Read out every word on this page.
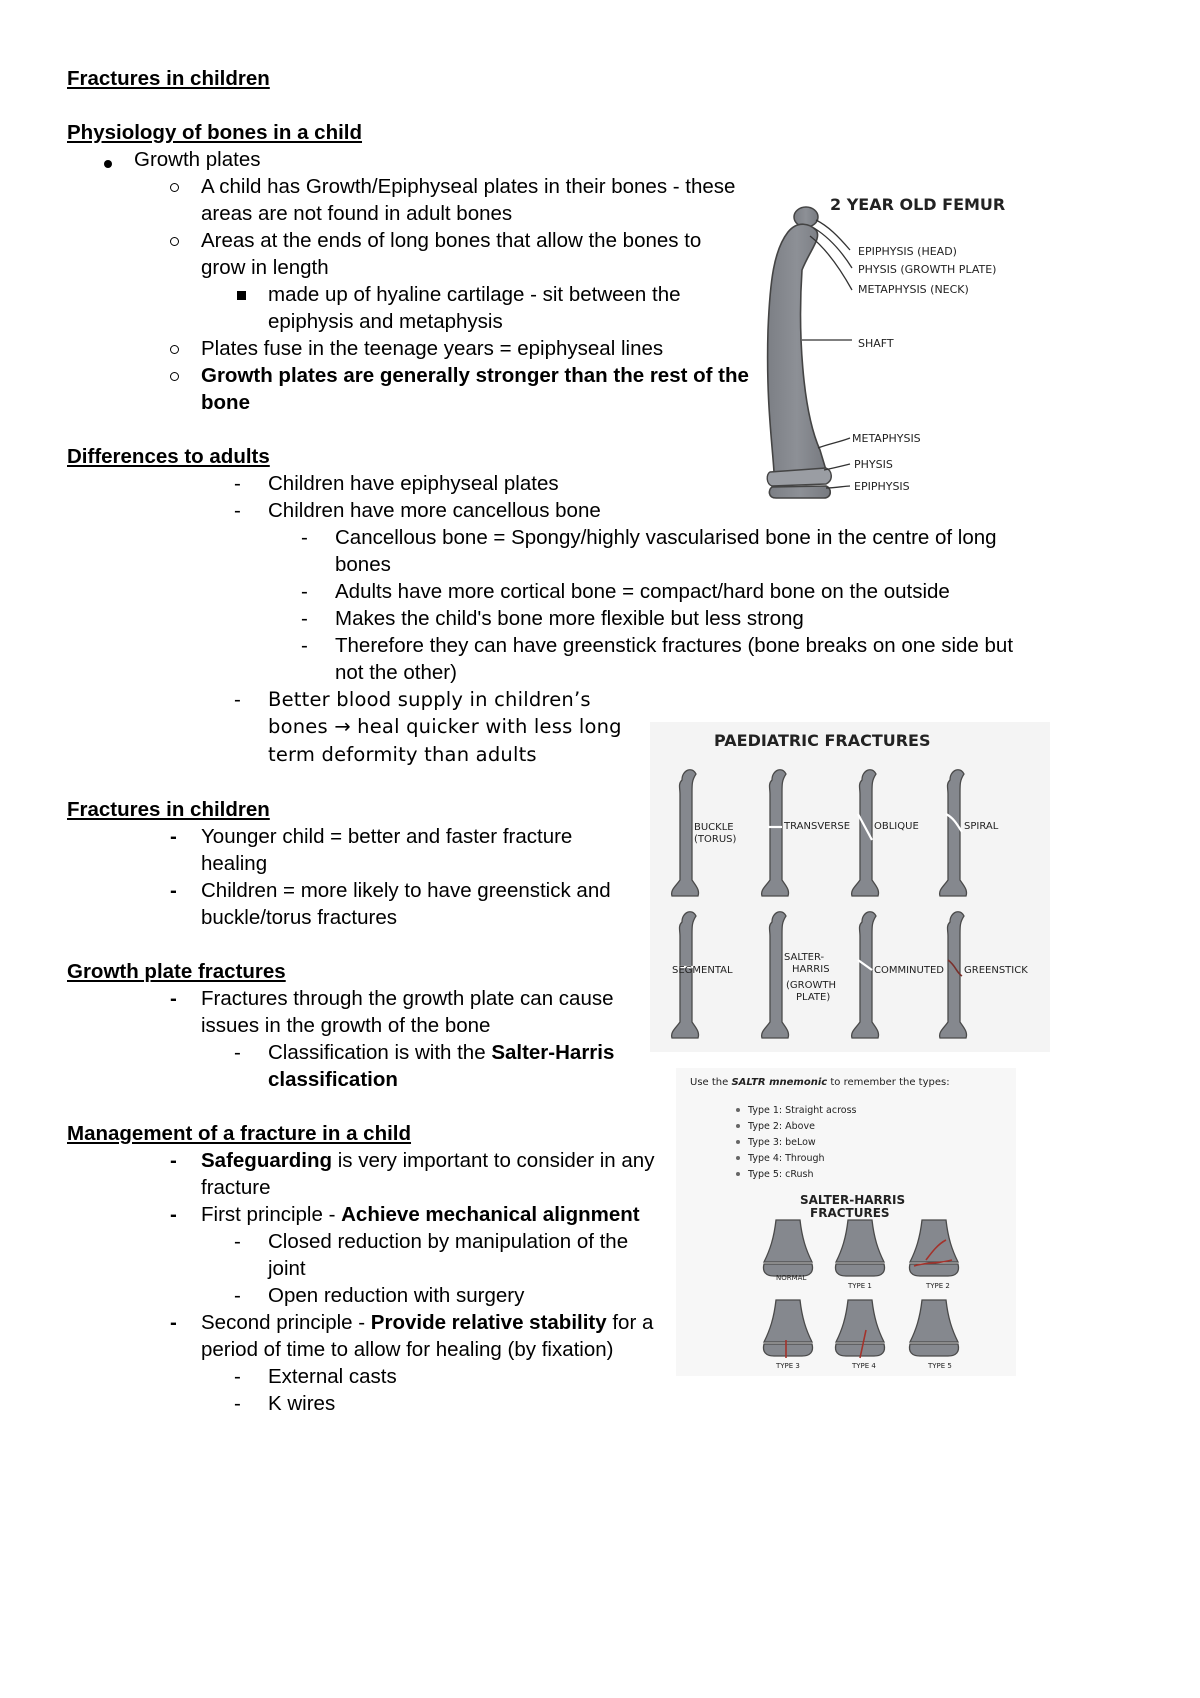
Fractures in children
Physiology of bones in a child
Growth plates
A child has Growth/Epiphyseal plates in their bones - these
areas are not found in adult bones
Areas at the ends of long bones that allow the bones to
grow in length
made up of hyaline cartilage - sit between the
epiphysis and metaphysis
Plates fuse in the teenage years = epiphyseal lines
Growth plates are generally stronger than the rest of the
bone
Differences to adults
- Children have epiphyseal plates
- Children have more cancellous bone
- Cancellous bone = Spongy/highly vascularised bone in the centre of long
bones
- Adults have more cortical bone = compact/hard bone on the outside
- Makes the child's bone more flexible but less strong
- Therefore they can have greenstick fractures (bone breaks on one side but
not the other)
- Better blood supply in children’s
bones → heal quicker with less long
term deformity than adults
Fractures in children
- Younger child = better and faster fracture
healing
- Children = more likely to have greenstick and
buckle/torus fractures
Growth plate fractures
- Fractures through the growth plate can cause
issues in the growth of the bone
- Classification is with the Salter-Harris
classification
Management of a fracture in a child
- Safeguarding is very important to consider in any
fracture
- First principle - Achieve mechanical alignment
- Closed reduction by manipulation of the
joint
- Open reduction with surgery
- Second principle - Provide relative stability for a
period of time to allow for healing (by fixation)
- External casts
- K wires
2 YEAR OLD FEMUR
EPIPHYSIS (HEAD)
PHYSIS (GROWTH PLATE)
METAPHYSIS (NECK)
SHAFT
METAPHYSIS
PHYSIS
EPIPHYSIS
PAEDIATRIC FRACTURES
BUCKLE
(TORUS)
TRANSVERSE OBLIQUE	SPIRAL
SEGMENTAL
SALTER-
HARRIS
(GROWTH
PLATE)
COMMINUTED GREENSTICK
Use the SALTR mnemonic to remember the types:
Type 1: Straight across
Type 2: Above
Type 3: beLow
Type 4: Through
Type 5: cRush
SALTER-HARRIS
FRACTURES
NORMAL
TYPE 1	TYPE 2
TYPE 3	TYPE 4	TYPE 5
